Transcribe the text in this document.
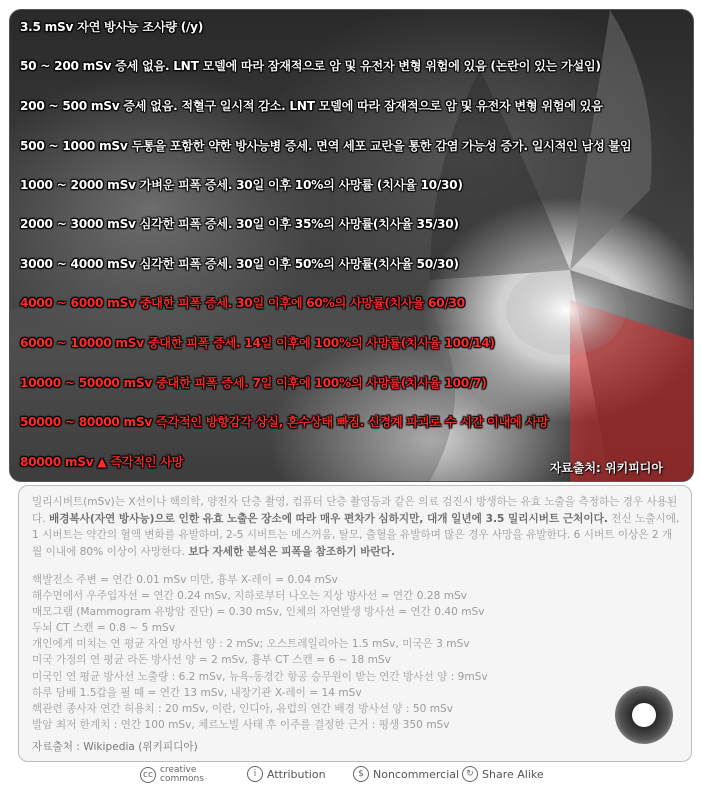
3.5 mSv 자연 방사능 조사량 (/y)
50 ~ 200 mSv 증세 없음. LNT 모델에 따라 잠재적으로 암 및 유전자 변형 위험에 있음 (논란이 있는 가설임)
200 ~ 500 mSv 증세 없음. 적혈구 일시적 감소. LNT 모델에 따라 잠재적으로 암 및 유전자 변형 위험에 있음
500 ~ 1000 mSv 두통을 포함한 약한 방사능병 증세. 면역 세포 교란을 통한 감염 가능성 증가. 일시적인 남성 불임
1000 ~ 2000 mSv 가벼운 피폭 증세. 30일 이후 10%의 사망률 (치사율 10/30)
2000 ~ 3000 mSv 심각한 피폭 증세. 30일 이후 35%의 사망률(치사율 35/30)
3000 ~ 4000 mSv 심각한 피폭 증세. 30일 이후 50%의 사망률(치사율 50/30)
4000 ~ 6000 mSv 중대한 피폭 증세. 30일 이후에 60%의 사망률(치사율 60/30
6000 ~ 10000 mSv 중대한 피폭 증세. 14일 이후에 100%의 사망률(치사율 100/14)
10000 ~ 50000 mSv 중대한 피폭 증세. 7일 이후에 100%의 사망률(치사율 100/7)
50000 ~ 80000 mSv 즉각적인 방향감각 상실, 혼수상태 빠짐. 신경계 파괴로 수 시간 이내에 사망
80000 mSv ▲ 즉각적인 사망	자료출처: 위키피디아
밀리시버트(mSv)는 X선이나 핵의학, 양전자 단층 촬영, 컴퓨터 단층 촬영등과 같은 의료 검진시 방생하는 유효 노출을 측정하는 경우 사용된다. 배경복사(자연 방사능)으로 인한 유효 노출은 장소에 따라 매우 편차가 심하지만, 대개 일년에 3.5 밀리시버트 근처이다. 전신 노출시에, 1 시버트는 약간의 혈액 변화를 유발하며, 2-5 시버트는 메스꺼움, 탈모, 출혈을 유발하며 많은 경우 사망을 유발한다. 6 시버트 이상은 2 개월 이내에 80% 이상이 사망한다. 보다 자세한 분석은 피폭을 참조하기 바란다.
핵발전소 주변 = 연간 0.01 mSv 미만, 흉부 X-레이 = 0.04 mSv
해수면에서 우주입자선 = 연간 0.24 mSv, 지하로부터 나오는 지상 방사선 = 연간 0.28 mSv
매모그램 (Mammogram 유방암 진단) = 0.30 mSv, 인체의 자연발생 방사선 = 연간 0.40 mSv
두뇌 CT 스캔 = 0.8 ~ 5 mSv
개인에게 미치는 연 평균 자연 방사선 양 : 2 mSv; 오스트레일리아는 1.5 mSv, 미국은 3 mSv
미국 가정의 연 평균 라돈 방사선 양 = 2 mSv, 흉부 CT 스캔 = 6 ~ 18 mSv
미국인 연 평균 방사선 노출량 : 6.2 mSv, 뉴욕-동경간 항공 승무원이 받는 연간 방사선 양 : 9mSv
하루 담배 1.5갑을 필 때 = 연간 13 mSv, 내장기관 X-레이 = 14 mSv
핵관련 종사자 연간 허용치 : 20 mSv, 이란, 인디아, 유럽의 연간 배경 방사선 양 : 50 mSv
발암 최저 한계치 : 연간 100 mSv, 체르노빌 사태 후 이주를 결정한 근거 : 평생 350 mSv
자료출처 : Wikipedia (위키피디아)
cc creative
commons	i Attribution	$ Noncommercial ↻ Share Alike
